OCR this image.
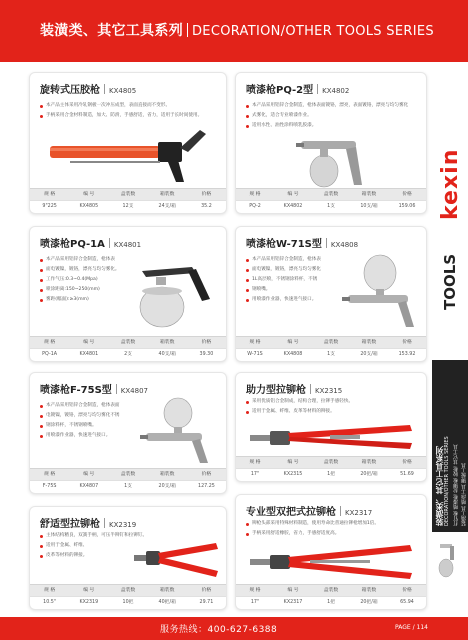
装潢类、其它工具系列 DECORATION/OTHER TOOLS SERIES
kexin
TOOLS
装潢类、其它工具系列 DECORATION/OTHER TOOLS SERIES 打钉枪 喷漆枪 拉铆枪 胶枪 其它工具 装潢工具 喷涂工具 铆接工具
旋转式压胶枪 KX4805
本产品主体采用冷轧钢板一次冲压成型，表面直接而不变形。
手柄采用合金材料制造，加大、防滑，手感舒适，省力，适用于长时间使用。
规 格	编 号	盒装数	箱装数	价格
9"225	KX4805	12支	24支/箱	35.2
喷漆枪PQ-2型 KX4802
本产品采用铝锌合金制造，枪体表面镀铬，漂亮，表面镀铬，漂亮与均匀雾化
式雾化，适合专业喷漆作业。
适用水性、油性涂料喷乳胶漆。
规 格	编 号	盒装数	箱装数	价格
PQ-2	KX4802	1支	10支/箱	159.06
喷漆枪PQ-1A KX4801
本产品采用铝锌合金制造，枪体表
面电镀镍，镀铬，漂亮与均匀雾化。
工作气压:0.3~0.4(Mpa)
喷涂距离:150~250(mm)
雾距(幅面):≥3(mm)
规 格	编 号	盒装数	箱装数	价格
PQ-1A	KX4801	2支	40支/箱	39.30
喷漆枪W-71S型 KX4808
本产品采用铝锌合金制造，枪体表
面电镀镍，镀铬，漂亮与均匀雾化
1L高层喷，不锈钢涂料杯，不锈
钢喷嘴。
用喷漆作业器，快速进气接口。
规 格	编 号	盒装数	箱装数	价格
W-71S	KX4808	1支	20支/箱	153.92
喷漆枪F-75S型 KX4807
本产品采用铝锌合金制造，枪体表面
电镀镍，镀铬，漂亮与均匀雾化不锈
钢涂料杯，不锈钢喷嘴。
用喷漆作业器，快速进气接口。
规 格	编 号	盒装数	箱装数	价格
F-75S	KX4807	1支	20支/箱	127.25
助力型拉铆枪 KX2315
采用优质铝合金制成，结构合理，拉铆手感轻快。
适用于金属、纤维、皮革等材料的铆接。
规 格	编 号	盒装数	箱装数	价格
17"	KX2315	1把	20把/箱	51.69
舒适型拉铆枪 KX2319
主体结构精良，双簧手柄，可压半铆钉和拉铆钉。
适用于金属、纤维、
皮革等材料的铆接。
规 格	编 号	盒装数	箱装数	价格
10.5"	KX2319	10把	40把/箱	29.71
专业型双把式拉铆枪 KX2317
铆枪头部采用特殊材料制造，使用寿命比普通拉铆枪增加1倍。
手柄采用舒适橡胶，省力，手感舒适度高。
规 格	编 号	盒装数	箱装数	价格
17"	KX2317	1把	20把/箱	65.94
服务热线：400-627-6388	PAGE / 114
